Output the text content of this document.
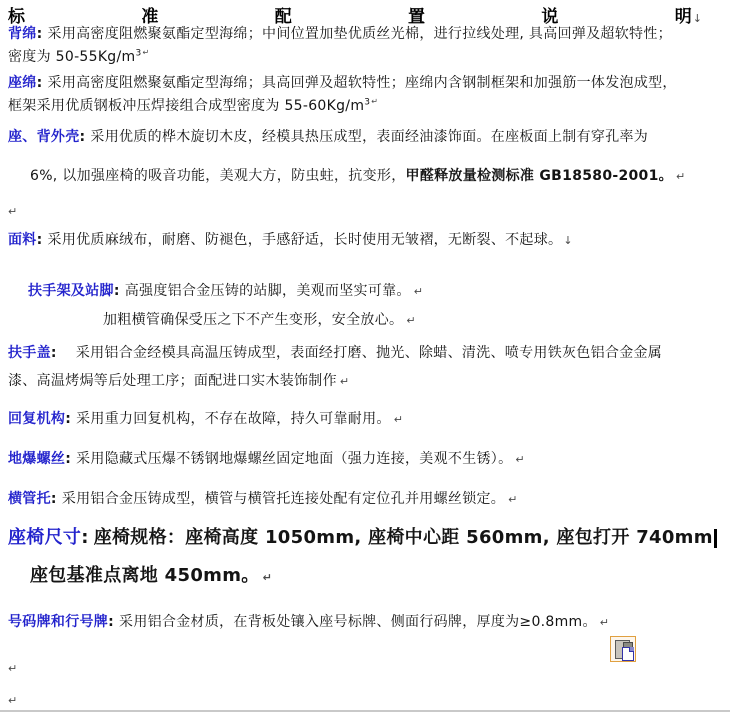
标	准	配	置	说	明↓
背绵: 采用高密度阻燃聚氨酯定型海绵；中间位置加垫优质丝光棉，进行拉线处理, 具高回弹及超软特性；
密度为 $50-55Kg/m^{3↵}$
座绵: 采用高密度阻燃聚氨酯定型海绵；具高回弹及超软特性；座绵内含钢制框架和加强筋一体发泡成型，
框架采用优质钢板冲压焊接组合成型密度为 $55-60Kg/m^{3↵}$
座、背外壳: 采用优质的桦木旋切木皮，经模具热压成型，表面经油漆饰面。在座板面上制有穿孔率为
6%, 以加强座椅的吸音功能，美观大方，防虫蛀，抗变形，甲醛释放量检测标准 GB18580-2001。 ↵
↵
面料: 采用优质麻绒布，耐磨、防褪色，手感舒适，长时使用无皱褶，无断裂、不起球。↓
扶手架及站脚: 高强度铝合金压铸的站脚，美观而坚实可靠。 ↵
加粗横管确保受压之下不产生变形，安全放心。 ↵
扶手盖: 采用铝合金经模具高温压铸成型，表面经打磨、抛光、除蜡、清洗、喷专用铁灰色铝合金金属
漆、高温烤焗等后处理工序；面配进口实木装饰制作 ↵
回复机构: 采用重力回复机构，不存在故障，持久可靠耐用。 ↵
地爆螺丝: 采用隐藏式压爆不锈钢地爆螺丝固定地面（强力连接，美观不生锈）。 ↵
横管托: 采用铝合金压铸成型，横管与横管托连接处配有定位孔并用螺丝锁定。 ↵
座椅尺寸: 座椅规格：座椅高度 1050mm, 座椅中心距 560mm, 座包打开 740mm
座包基准点离地 450mm。 ↵
号码牌和行号牌: 采用铝合金材质，在背板处镶入座号标牌、侧面行码牌，厚度为≥0.8mm。 ↵
↵
↵
